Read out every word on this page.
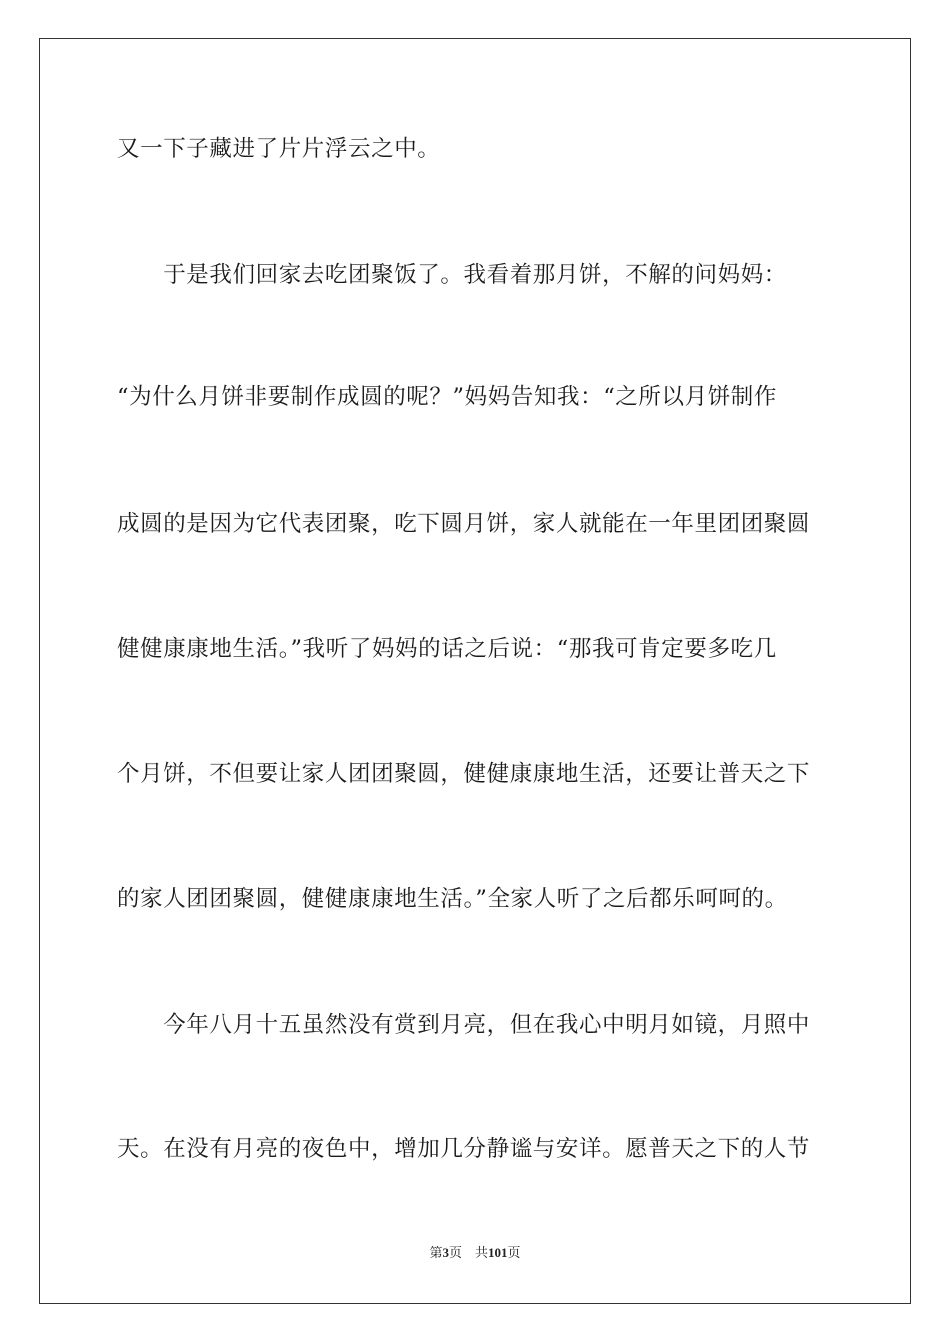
又一下子藏进了片片浮云之中。
　　于是我们回家去吃团聚饭了。我看着那月饼，不解的问妈妈：
“为什么月饼非要制作成圆的呢？”妈妈告知我：“之所以月饼制作
成圆的是因为它代表团聚，吃下圆月饼，家人就能在一年里团团聚圆
健健康康地生活。”我听了妈妈的话之后说：“那我可肯定要多吃几
个月饼，不但要让家人团团聚圆，健健康康地生活，还要让普天之下
的家人团团聚圆，健健康康地生活。”全家人听了之后都乐呵呵的。
　　今年八月十五虽然没有赏到月亮，但在我心中明月如镜，月照中
天。在没有月亮的夜色中，增加几分静谧与安详。愿普天之下的人节
第3页　 共101页
